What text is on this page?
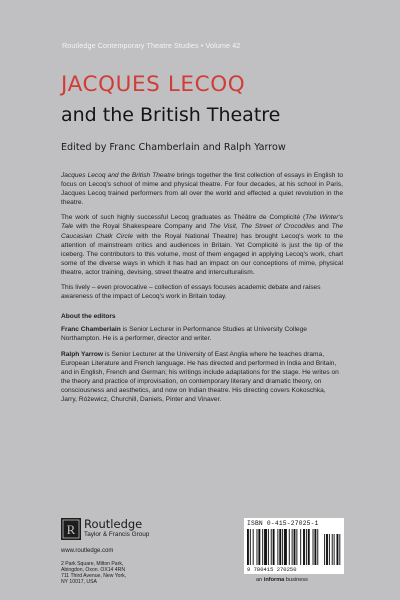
Routledge Contemporary Theatre Studies • Volume 42
JACQUES LECOQ
and the British Theatre
Edited by Franc Chamberlain and Ralph Yarrow

Jacques Lecoq and the British Theatre brings together the first collection of essays in English to focus on Lecoq's school of mime and physical theatre. For four decades, at his school in Paris, Jacques Lecoq trained performers from all over the world and effected a quiet revolution in the theatre.

The work of such highly successful Lecoq graduates as Théâtre de Complicité (The Winter's Tale with the Royal Shakespeare Company and The Visit, The Street of Crocodiles and The Caucasian Chalk Circle with the Royal National Theatre) has brought Lecoq's work to the attention of mainstream critics and audiences in Britain. Yet Complicité is just the tip of the iceberg. The contributors to this volume, most of them engaged in applying Lecoq's work, chart some of the diverse ways in which it has had an impact on our conceptions of mime, physical theatre, actor training, devising, street theatre and interculturalism.

This lively – even provocative – collection of essays focuses academic debate and raises awareness of the impact of Lecoq's work in Britain today.

About the editors

Franc Chamberlain is Senior Lecturer in Performance Studies at University College Northampton. He is a performer, director and writer.

Ralph Yarrow is Senior Lecturer at the University of East Anglia where he teaches drama, European Literature and French language. He has directed and performed in India and Britain, and in English, French and German; his writings include adaptations for the stage. He writes on the theory and practice of improvisation, on contemporary literary and dramatic theory, on consciousness and aesthetics, and now on Indian theatre. His directing covers Kokoschka, Jarry, Różewicz, Churchill, Daniels, Pinter and Vinaver.

R Routledge
Taylor & Francis Group
www.routledge.com
2 Park Square, Milton Park,
Abingdon, Oxon. OX14 4RN
711 Third Avenue, New York,
NY 10017, USA
ISBN 0-415-27025-1
9 780415 270250
an informa business
